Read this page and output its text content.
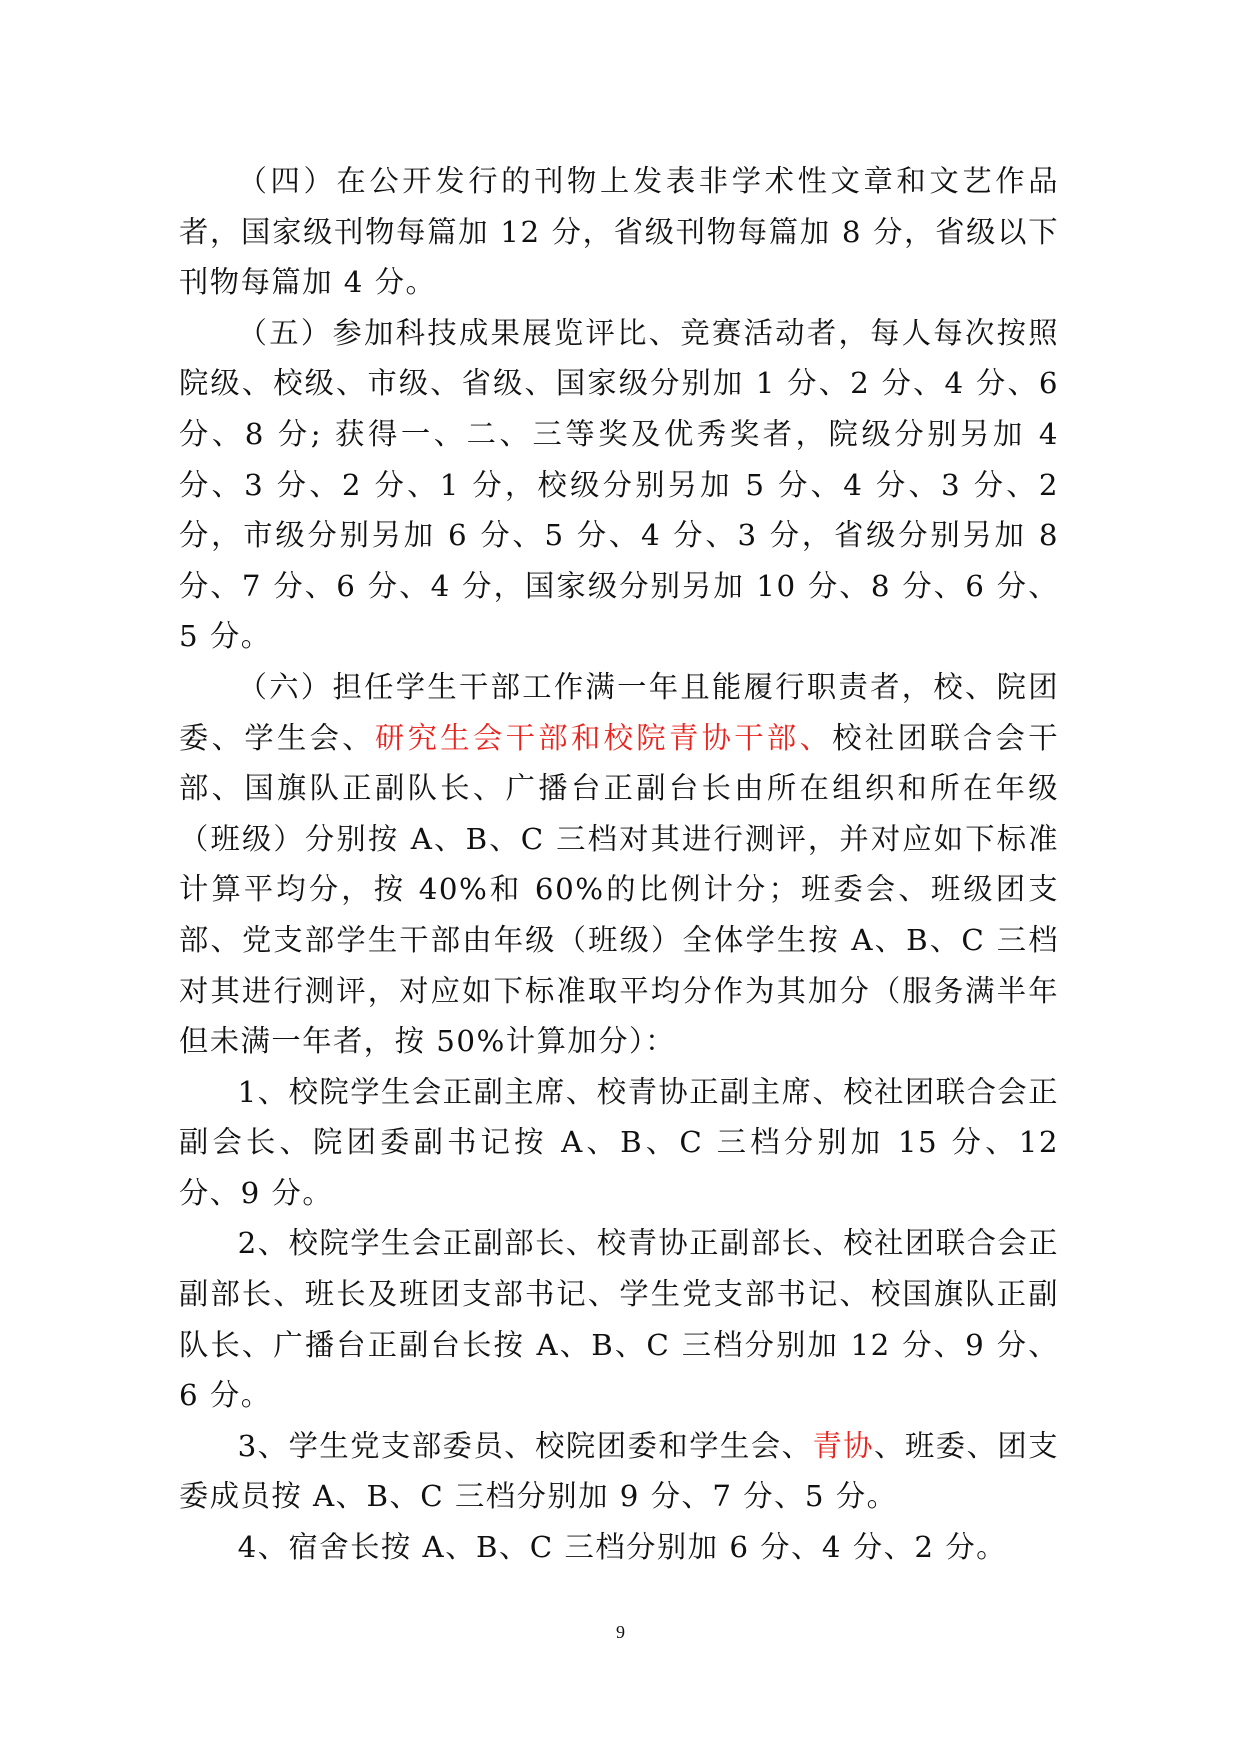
（四）在公开发行的刊物上发表非学术性文章和文艺作品者，国家级刊物每篇加 12 分，省级刊物每篇加 8 分，省级以下刊物每篇加 4 分。

（五）参加科技成果展览评比、竞赛活动者，每人每次按照院级、校级、市级、省级、国家级分别加 1 分、2 分、4 分、6 分、8 分; 获得一、二、三等奖及优秀奖者，院级分别另加 4 分、3 分、2 分、1 分，校级分别另加 5 分、4 分、3 分、2 分，市级分别另加 6 分、5 分、4 分、3 分，省级分别另加 8 分、7 分、6 分、4 分，国家级分别另加 10 分、8 分、6 分、5 分。

（六）担任学生干部工作满一年且能履行职责者，校、院团委、学生会、研究生会干部和校院青协干部、校社团联合会干部、国旗队正副队长、广播台正副台长由所在组织和所在年级（班级）分别按 A、B、C 三档对其进行测评，并对应如下标准计算平均分，按 40%和 60%的比例计分；班委会、班级团支部、党支部学生干部由年级（班级）全体学生按 A、B、C 三档对其进行测评，对应如下标准取平均分作为其加分（服务满半年但未满一年者，按 50%计算加分）：

1、校院学生会正副主席、校青协正副主席、校社团联合会正副会长、院团委副书记按 A、B、C 三档分别加 15 分、12 分、9 分。

2、校院学生会正副部长、校青协正副部长、校社团联合会正副部长、班长及班团支部书记、学生党支部书记、校国旗队正副队长、广播台正副台长按 A、B、C 三档分别加 12 分、9 分、6 分。

3、学生党支部委员、校院团委和学生会、青协、班委、团支委成员按 A、B、C 三档分别加 9 分、7 分、5 分。

4、宿舍长按 A、B、C 三档分别加 6 分、4 分、2 分。

9
